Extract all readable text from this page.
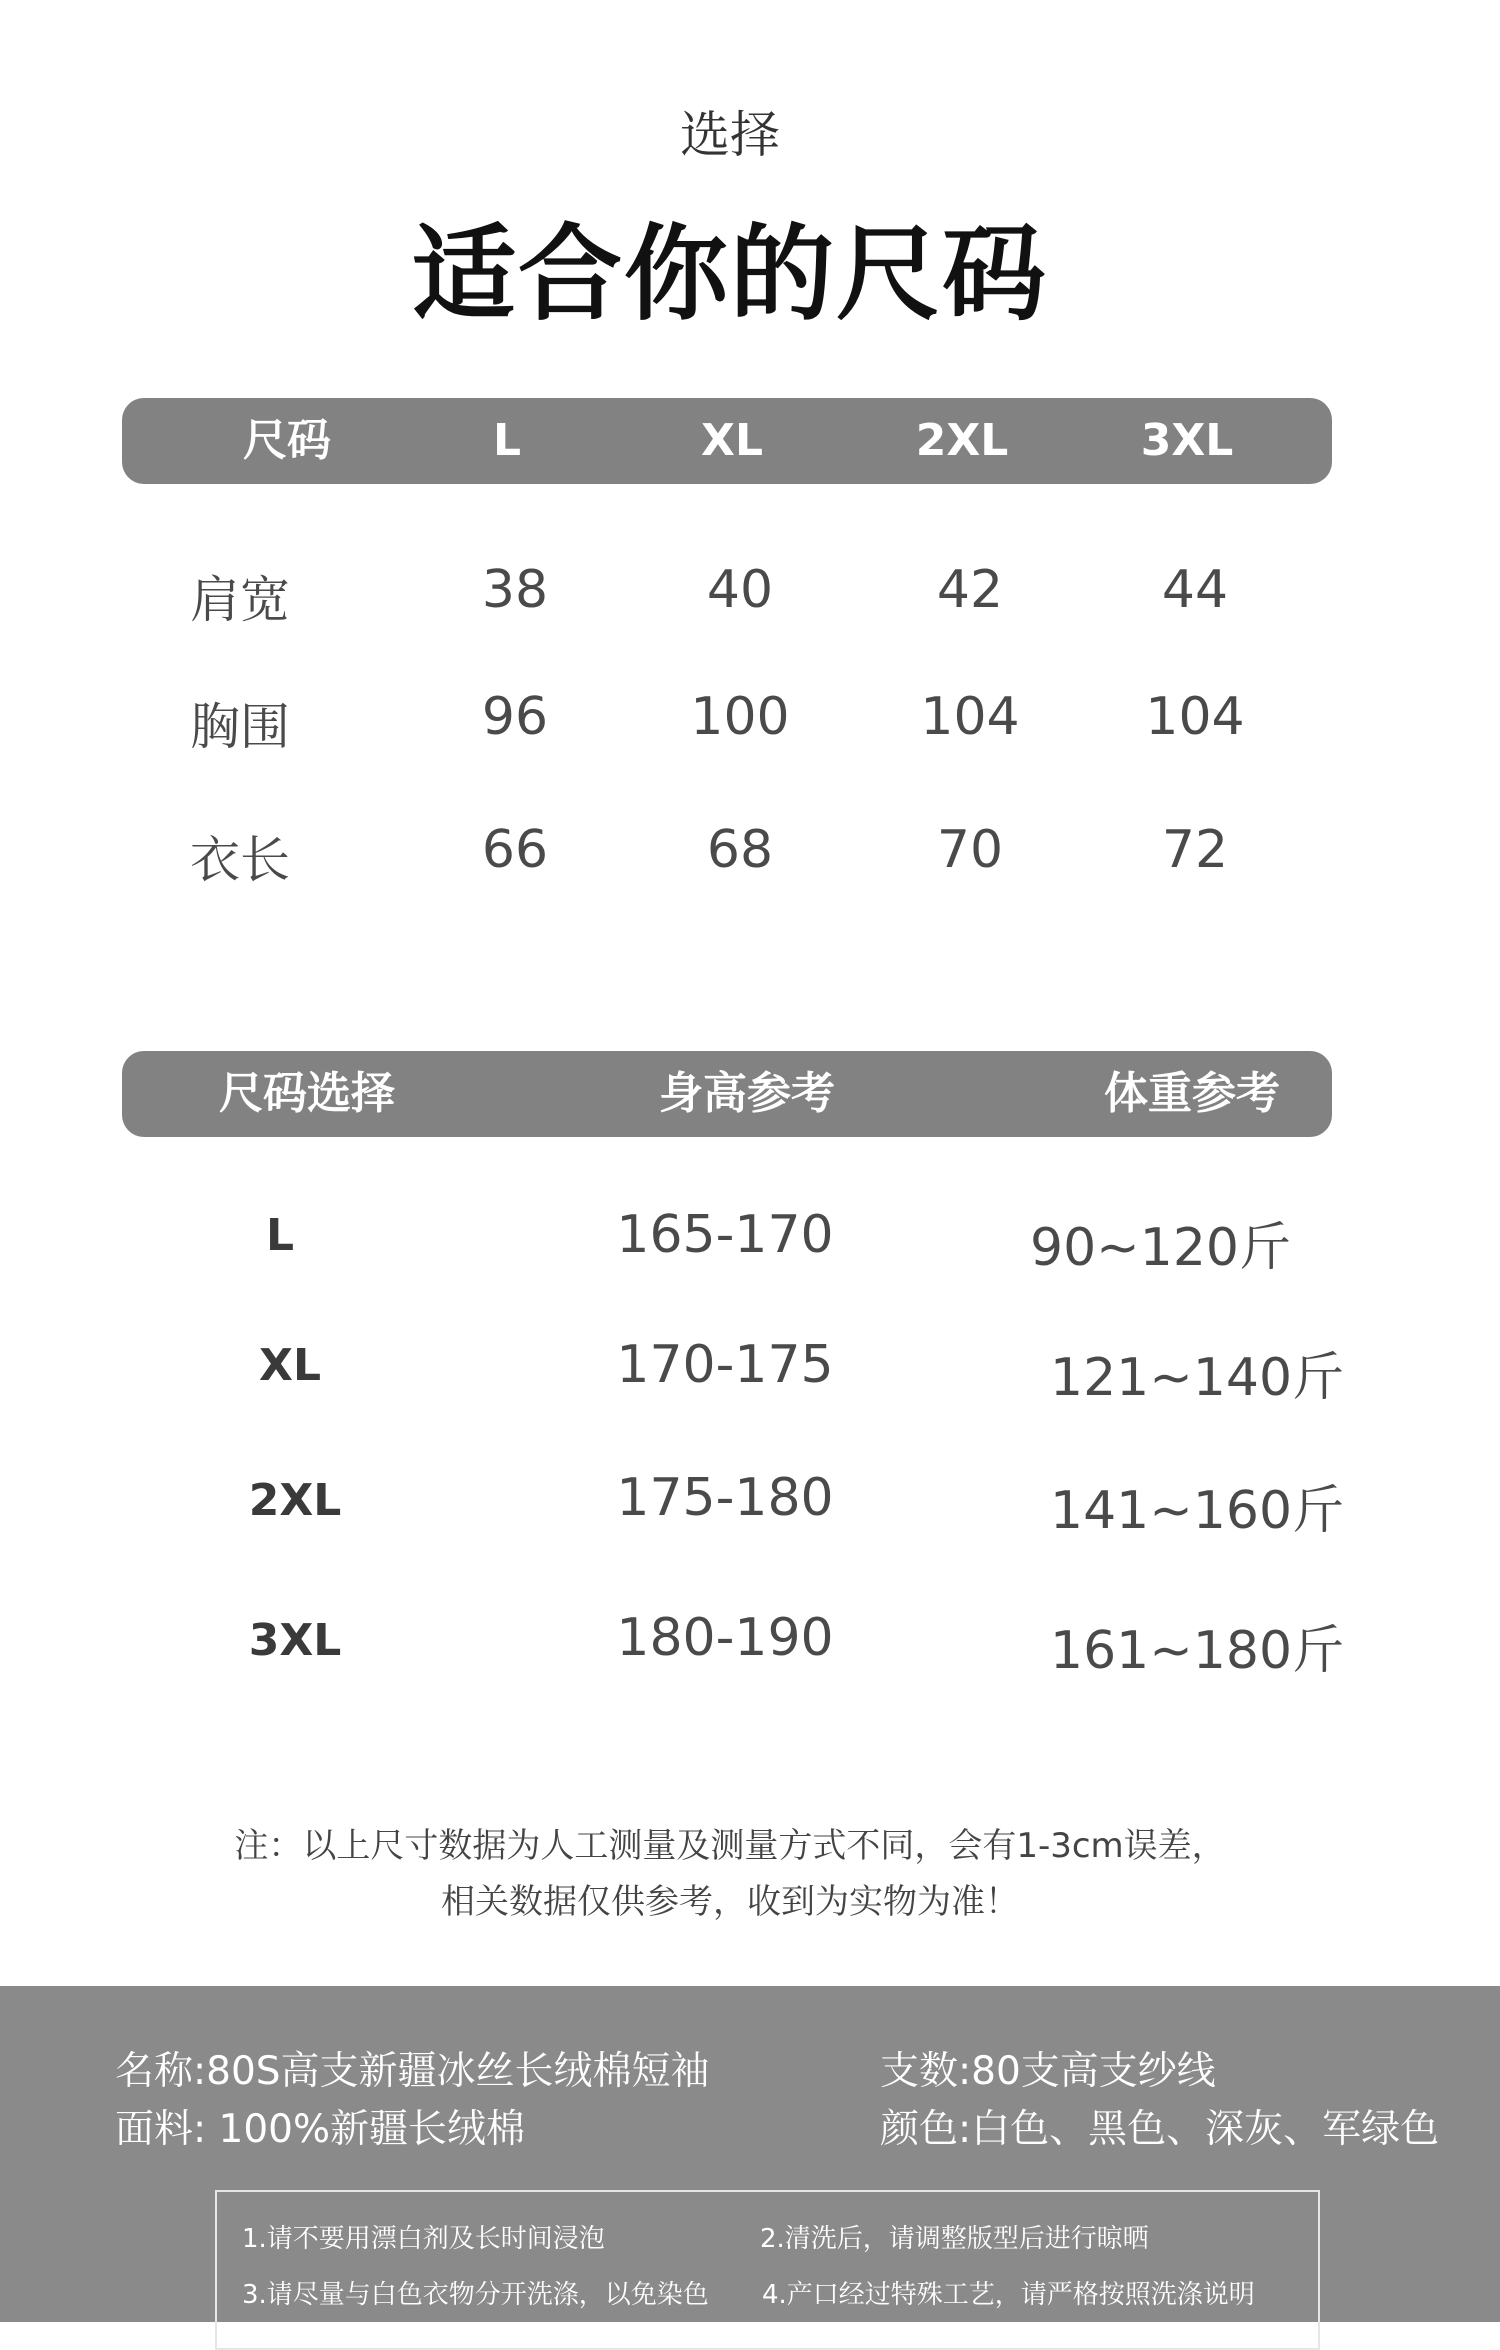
选择
适合你的尺码
尺码	L	XL	2XL	3XL
肩宽	38	40	42	44
胸围	96	100	104	104
衣长	66	68	70	72
尺码选择	身高参考	体重参考
L	165-170	90~120斤
XL	170-175	121~140斤
2XL	175-180	141~160斤
3XL	180-190	161~180斤
注：以上尺寸数据为人工测量及测量方式不同，会有1-3cm误差，
相关数据仅供参考，收到为实物为准！
名称:80S高支新疆冰丝长绒棉短袖	支数:80支高支纱线
面料: 100%新疆长绒棉	颜色:白色、黑色、深灰、军绿色
1.请不要用漂白剂及长时间浸泡	2.清洗后，请调整版型后进行晾晒
3.请尽量与白色衣物分开洗涤，以免染色 4.产口经过特殊工艺，请严格按照洗涤说明
